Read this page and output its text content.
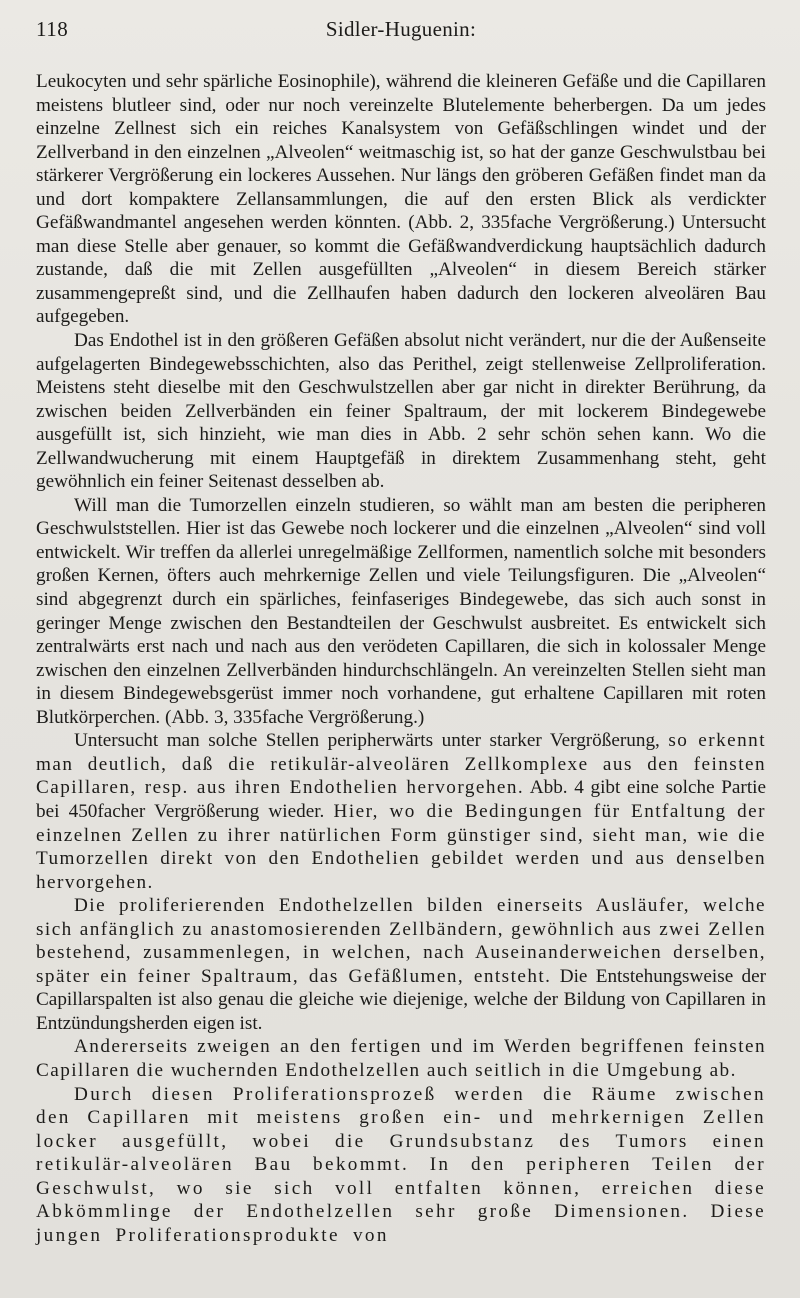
118	Sidler-Huguenin:

Leukocyten und sehr spärliche Eosinophile), während die kleineren Gefäße und die Capillaren meistens blutleer sind, oder nur noch vereinzelte Blutelemente beherbergen. Da um jedes einzelne Zellnest sich ein reiches Kanalsystem von Gefäßschlingen windet und der Zellverband in den einzelnen „Alveolen“ weitmaschig ist, so hat der ganze Geschwulstbau bei stärkerer Vergrößerung ein lockeres Aussehen. Nur längs den gröberen Gefäßen findet man da und dort kompaktere Zellansammlungen, die auf den ersten Blick als verdickter Gefäßwandmantel angesehen werden könnten. (Abb. 2, 335fache Vergrößerung.) Untersucht man diese Stelle aber genauer, so kommt die Gefäßwandverdickung hauptsächlich dadurch zustande, daß die mit Zellen ausgefüllten „Alveolen“ in diesem Bereich stärker zusammengepreßt sind, und die Zellhaufen haben dadurch den lockeren alveolären Bau aufgegeben.

Das Endothel ist in den größeren Gefäßen absolut nicht verändert, nur die der Außenseite aufgelagerten Bindegewebsschichten, also das Perithel, zeigt stellenweise Zellproliferation. Meistens steht dieselbe mit den Geschwulstzellen aber gar nicht in direkter Berührung, da zwischen beiden Zellverbänden ein feiner Spaltraum, der mit lockerem Bindegewebe ausgefüllt ist, sich hinzieht, wie man dies in Abb. 2 sehr schön sehen kann. Wo die Zellwandwucherung mit einem Hauptgefäß in direktem Zusammenhang steht, geht gewöhnlich ein feiner Seitenast desselben ab.

Will man die Tumorzellen einzeln studieren, so wählt man am besten die peripheren Geschwulststellen. Hier ist das Gewebe noch lockerer und die einzelnen „Alveolen“ sind voll entwickelt. Wir treffen da allerlei unregelmäßige Zellformen, namentlich solche mit besonders großen Kernen, öfters auch mehrkernige Zellen und viele Teilungsfiguren. Die „Alveolen“ sind abgegrenzt durch ein spärliches, feinfaseriges Bindegewebe, das sich auch sonst in geringer Menge zwischen den Bestandteilen der Geschwulst ausbreitet. Es entwickelt sich zentralwärts erst nach und nach aus den verödeten Capillaren, die sich in kolossaler Menge zwischen den einzelnen Zellverbänden hindurchschlängeln. An vereinzelten Stellen sieht man in diesem Bindegewebsgerüst immer noch vorhandene, gut erhaltene Capillaren mit roten Blutkörperchen. (Abb. 3, 335fache Vergrößerung.)

Untersucht man solche Stellen peripherwärts unter starker Vergrößerung, so erkennt man deutlich, daß die retikulär-alveolären Zellkomplexe aus den feinsten Capillaren, resp. aus ihren Endothelien hervorgehen. Abb. 4 gibt eine solche Partie bei 450facher Vergrößerung wieder. Hier, wo die Bedingungen für Entfaltung der einzelnen Zellen zu ihrer natürlichen Form günstiger sind, sieht man, wie die Tumorzellen direkt von den Endothelien gebildet werden und aus denselben hervorgehen.

Die proliferierenden Endothelzellen bilden einerseits Ausläufer, welche sich anfänglich zu anastomosierenden Zellbändern, gewöhnlich aus zwei Zellen bestehend, zusammenlegen, in welchen, nach Auseinanderweichen derselben, später ein feiner Spaltraum, das Gefäßlumen, entsteht. Die Entstehungsweise der Capillarspalten ist also genau die gleiche wie diejenige, welche der Bildung von Capillaren in Entzündungsherden eigen ist.

Andererseits zweigen an den fertigen und im Werden begriffenen feinsten Capillaren die wuchernden Endothelzellen auch seitlich in die Umgebung ab.

Durch diesen Proliferationsprozeß werden die Räume zwischen den Capillaren mit meistens großen ein- und mehrkernigen Zellen locker ausgefüllt, wobei die Grundsubstanz des Tumors einen retikulär-alveolären Bau bekommt. In den peripheren Teilen der Geschwulst, wo sie sich voll entfalten können, erreichen diese Abkömmlinge der Endothelzellen sehr große Dimensionen. Diese jungen Proliferationsprodukte von
